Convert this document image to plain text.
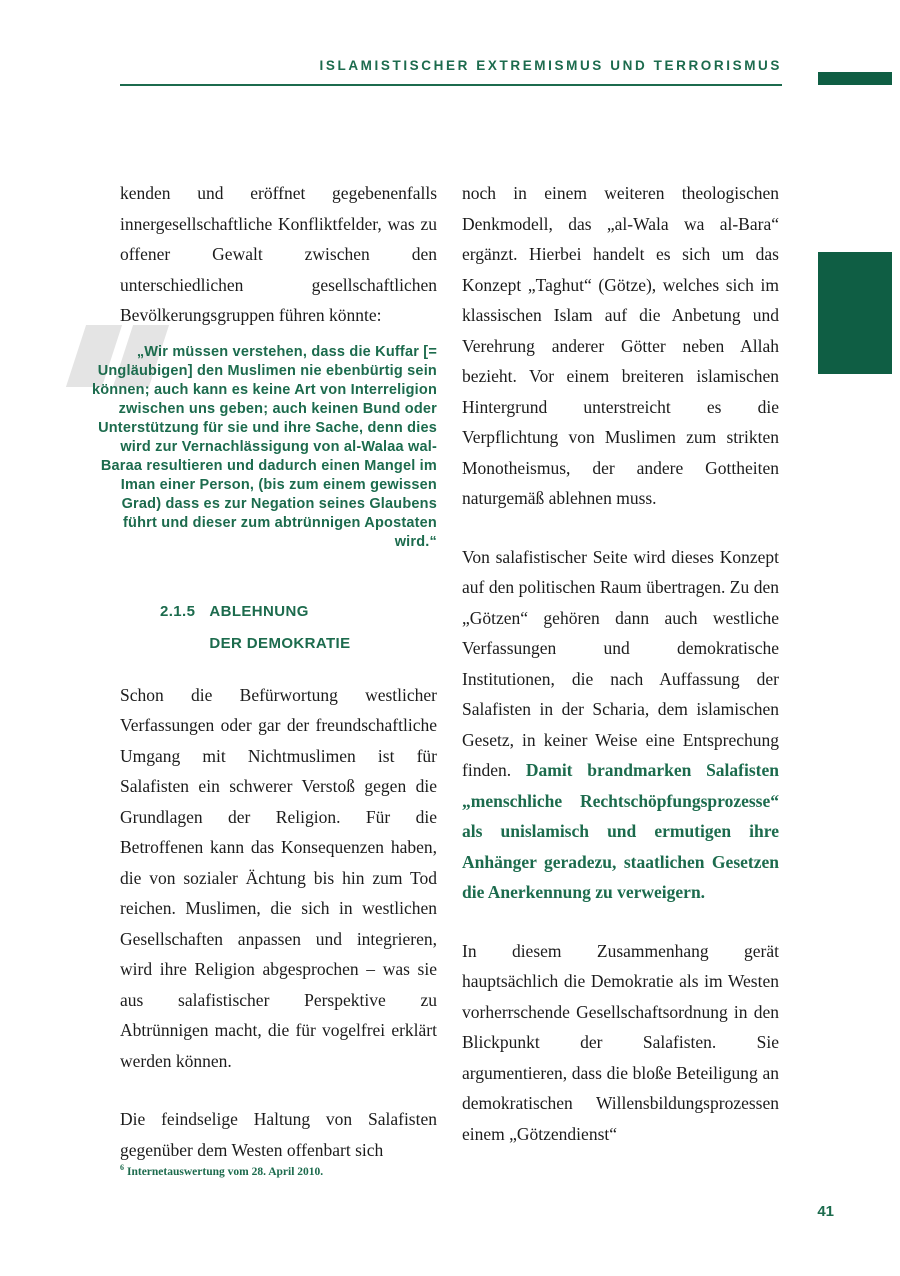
ISLAMISTISCHER EXTREMISMUS UND TERRORISMUS

kenden und eröffnet gegebenenfalls innergesellschaftliche Konfliktfelder, was zu offener Gewalt zwischen den unterschiedlichen gesellschaftlichen Bevölkerungsgruppen führen könnte:

„Wir müssen verstehen, dass die Kuffar [= Ungläubigen] den Muslimen nie ebenbürtig sein können; auch kann es keine Art von Interreligion zwischen uns geben; auch keinen Bund oder Unterstützung für sie und ihre Sache, denn dies wird zur Vernachlässigung von al-Walaa wal-Baraa resultieren und dadurch einen Mangel im Iman einer Person, (bis zum einem gewissen Grad) dass es zur Negation seines Glaubens führt und dieser zum abtrünnigen Apostaten wird.“
2.1.5 ABLEHNUNG
DER DEMOKRATIE

Schon die Befürwortung westlicher Verfassungen oder gar der freundschaftliche Umgang mit Nichtmuslimen ist für Salafisten ein schwerer Verstoß gegen die Grundlagen der Religion. Für die Betroffenen kann das Konsequenzen haben, die von sozialer Ächtung bis hin zum Tod reichen. Muslimen, die sich in westlichen Gesellschaften anpassen und integrieren, wird ihre Religion abgesprochen – was sie aus salafistischer Perspektive zu Abtrünnigen macht, die für vogelfrei erklärt werden können.

Die feindselige Haltung von Salafisten gegenüber dem Westen offenbart sich

noch in einem weiteren theologischen Denkmodell, das „al-Wala wa al-Bara“ ergänzt. Hierbei handelt es sich um das Konzept „Taghut“ (Götze), welches sich im klassischen Islam auf die Anbetung und Verehrung anderer Götter neben Allah bezieht. Vor einem breiteren islamischen Hintergrund unterstreicht es die Verpflichtung von Muslimen zum strikten Monotheismus, der andere Gottheiten naturgemäß ablehnen muss.

Von salafistischer Seite wird dieses Konzept auf den politischen Raum übertragen. Zu den „Götzen“ gehören dann auch westliche Verfassungen und demokratische Institutionen, die nach Auffassung der Salafisten in der Scharia, dem islamischen Gesetz, in keiner Weise eine Entsprechung finden. Damit brandmarken Salafisten „menschliche Rechtschöpfungsprozesse“ als unislamisch und ermutigen ihre Anhänger geradezu, staatlichen Gesetzen die Anerkennung zu verweigern.

In diesem Zusammenhang gerät hauptsächlich die Demokratie als im Westen vorherrschende Gesellschaftsordnung in den Blickpunkt der Salafisten. Sie argumentieren, dass die bloße Beteiligung an demokratischen Willensbildungsprozessen einem „Götzendienst“

$^6$ Internetauswertung vom 28. April 2010.
41
